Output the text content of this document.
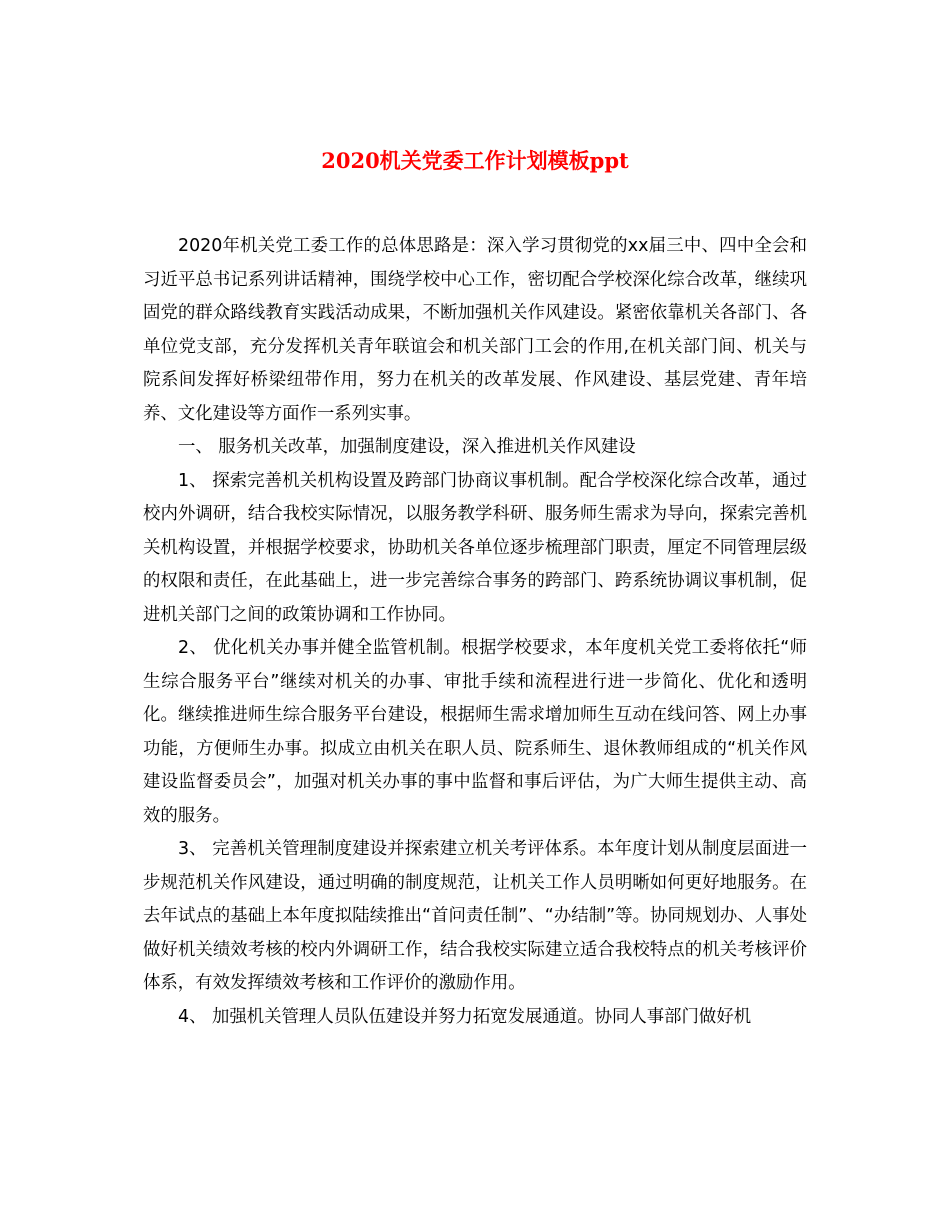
2020机关党委工作计划模板ppt

2020年机关党工委工作的总体思路是：深入学习贯彻党的xx届三中、四中全会和习近平总书记系列讲话精神，围绕学校中心工作，密切配合学校深化综合改革，继续巩固党的群众路线教育实践活动成果，不断加强机关作风建设。紧密依靠机关各部门、各单位党支部，充分发挥机关青年联谊会和机关部门工会的作用,在机关部门间、机关与院系间发挥好桥梁纽带作用，努力在机关的改革发展、作风建设、基层党建、青年培养、文化建设等方面作一系列实事。

一、 服务机关改革，加强制度建设，深入推进机关作风建设

1、 探索完善机关机构设置及跨部门协商议事机制。配合学校深化综合改革，通过校内外调研，结合我校实际情况，以服务教学科研、服务师生需求为导向，探索完善机关机构设置，并根据学校要求，协助机关各单位逐步梳理部门职责，厘定不同管理层级的权限和责任，在此基础上，进一步完善综合事务的跨部门、跨系统协调议事机制，促进机关部门之间的政策协调和工作协同。

2、 优化机关办事并健全监管机制。根据学校要求，本年度机关党工委将依托“师生综合服务平台”继续对机关的办事、审批手续和流程进行进一步简化、优化和透明化。继续推进师生综合服务平台建设，根据师生需求增加师生互动在线问答、网上办事功能，方便师生办事。拟成立由机关在职人员、院系师生、退休教师组成的“机关作风建设监督委员会”，加强对机关办事的事中监督和事后评估，为广大师生提供主动、高效的服务。

3、 完善机关管理制度建设并探索建立机关考评体系。本年度计划从制度层面进一步规范机关作风建设，通过明确的制度规范，让机关工作人员明晰如何更好地服务。在去年试点的基础上本年度拟陆续推出“首问责任制”、“办结制”等。协同规划办、人事处做好机关绩效考核的校内外调研工作，结合我校实际建立适合我校特点的机关考核评价体系，有效发挥绩效考核和工作评价的激励作用。

4、 加强机关管理人员队伍建设并努力拓宽发展通道。协同人事部门做好机
